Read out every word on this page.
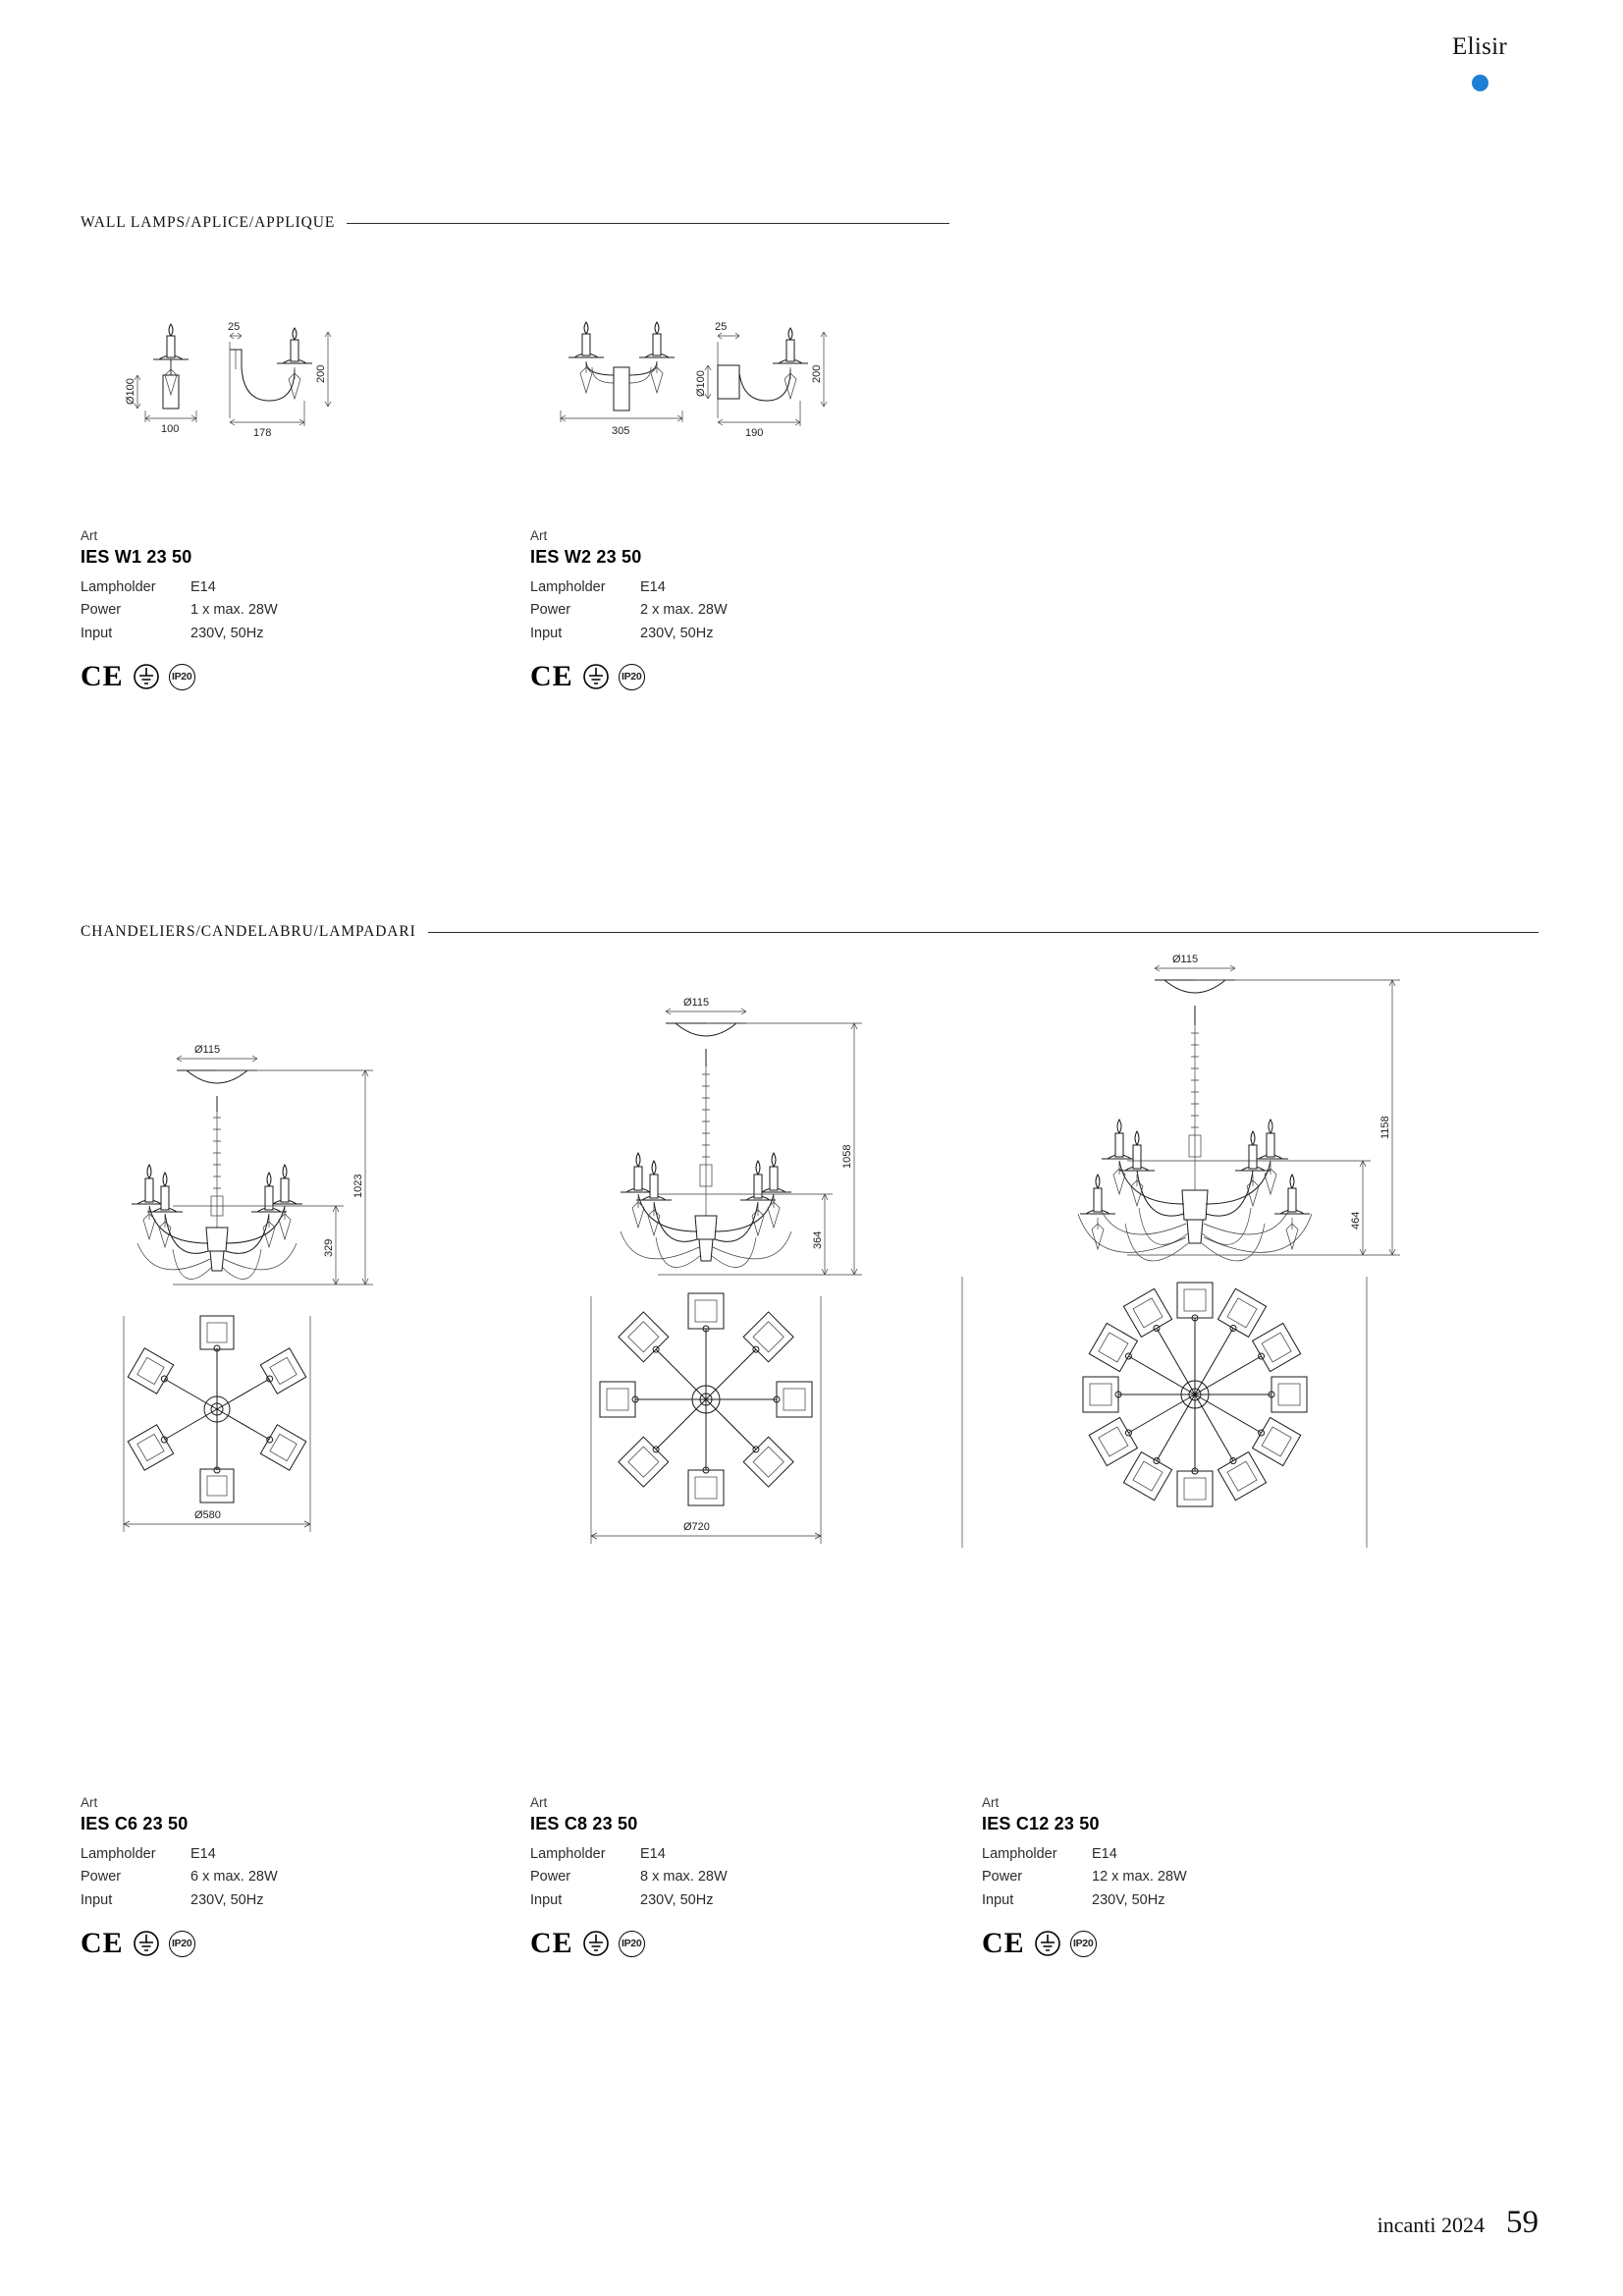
Elisir
WALL LAMPS/APLICE/APPLIQUE
Ø100
100
25
178
200
Art
IES W1 23 50
Lampholder	E14
Power	1 x max. 28W
Input	230V, 50Hz
CE	IP20
305
Ø100
25
190
200
Art
IES W2 23 50
Lampholder	E14
Power	2 x max. 28W
Input	230V, 50Hz
CE	IP20
CHANDELIERS/CANDELABRU/LAMPADARI
Ø115
1023
329
Ø580
Art
IES C6 23 50
Lampholder	E14
Power	6 x max. 28W
Input	230V, 50Hz
CE	IP20
Ø115
1058
364
Ø720
Art
IES C8 23 50
Lampholder	E14
Power	8 x max. 28W
Input	230V, 50Hz
CE	IP20
Ø115
1158
464
Art
IES C12 23 50
Lampholder	E14
Power	12 x max. 28W
Input	230V, 50Hz
CE	IP20
incanti 2024 59
